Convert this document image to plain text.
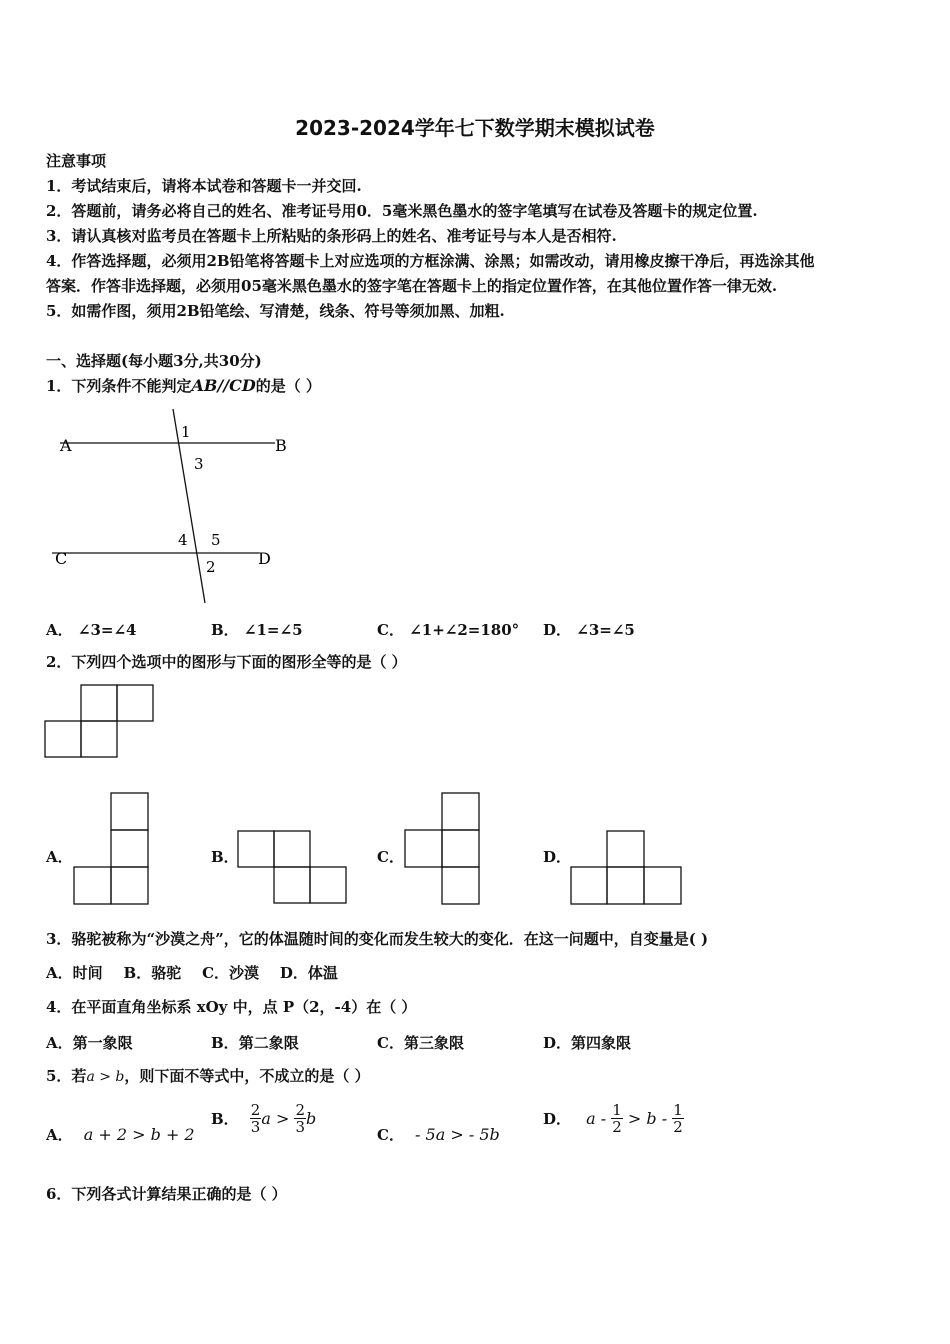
2023-2024学年七下数学期末模拟试卷
注意事项
1．考试结束后，请将本试卷和答题卡一并交回.
2．答题前，请务必将自己的姓名、准考证号用0．5毫米黑色墨水的签字笔填写在试卷及答题卡的规定位置.
3．请认真核对监考员在答题卡上所粘贴的条形码上的姓名、准考证号与本人是否相符.
4．作答选择题，必须用2B铅笔将答题卡上对应选项的方框涂满、涂黑；如需改动，请用橡皮擦干净后，再选涂其他
答案．作答非选择题，必须用05毫米黑色墨水的签字笔在答题卡上的指定位置作答，在其他位置作答一律无效.
5．如需作图，须用2B铅笔绘、写清楚，线条、符号等须加黑、加粗.
一、选择题(每小题3分,共30分)
1．下列条件不能判定AB//CD的是（ ）
A	B
C	D
1
3
4 5
2
A． ∠3=∠4	B． ∠1=∠5	C． ∠1+∠2=180° D． ∠3=∠5
2．下列四个选项中的图形与下面的图形全等的是（ ）
A．	B．	C．	D．
3．骆驼被称为“沙漠之舟”，它的体温随时间的变化而发生较大的变化．在这一问题中，自变量是( )
A．时间    B．骆驼    C．沙漠    D．体温
4．在平面直角坐标系 xOy 中，点 P（2，-4）在（ ）
A．第一象限	B．第二象限	C．第三象限	D．第四象限
5．若a > b，则下面不等式中，不成立的是（ ）
A． a + 2 > b + 2
B． $\frac{2}{3}$ $a > \frac{2}{3}$ b
C． - 5a > - 5b
D． $a - \frac{1}{2} > b - \frac{1}{2}$
6．下列各式计算结果正确的是（ ）
